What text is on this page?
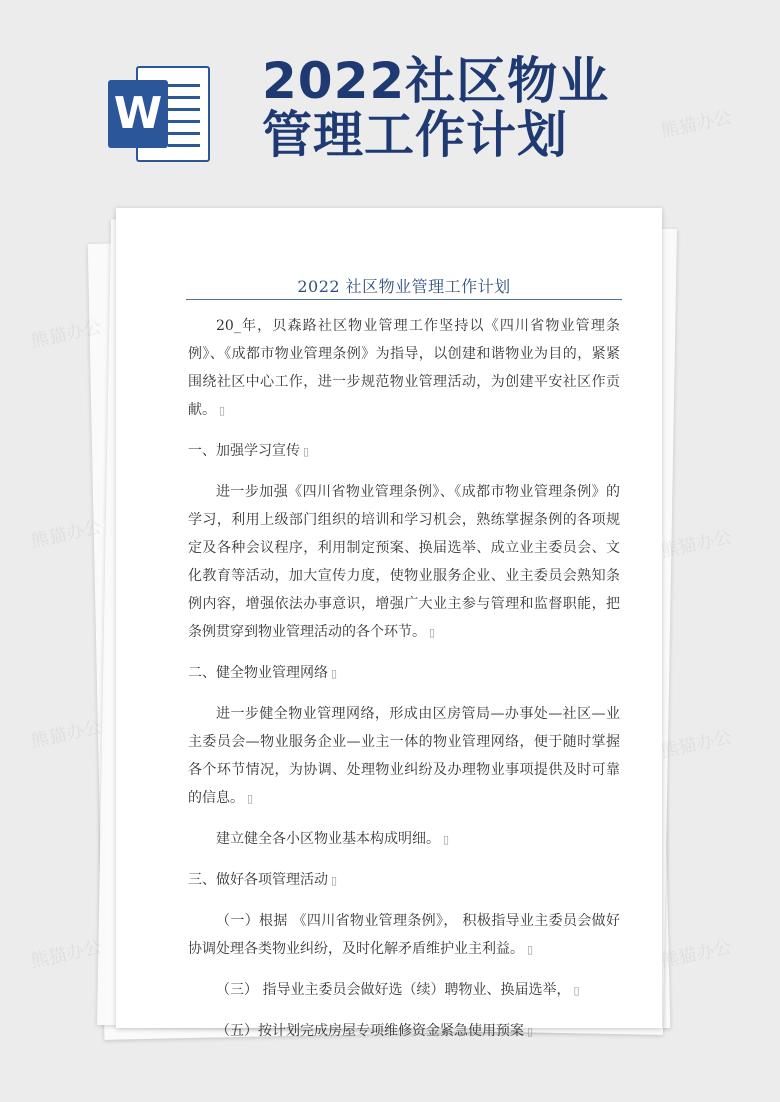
W
2022社区物业
管理工作计划
2022 社区物业管理工作计划

20_年，贝森路社区物业管理工作坚持以《四川省物业管理条例》、《成都市物业管理条例》为指导，以创建和谐物业为目的，紧紧围绕社区中心工作，进一步规范物业管理活动，为创建平安社区作贡献。 ▯

一、加强学习宣传 ▯

进一步加强《四川省物业管理条例》、《成都市物业管理条例》的学习，利用上级部门组织的培训和学习机会，熟练掌握条例的各项规定及各种会议程序，利用制定预案、换届选举、成立业主委员会、文化教育等活动，加大宣传力度，使物业服务企业、业主委员会熟知条例内容，增强依法办事意识，增强广大业主参与管理和监督职能，把条例贯穿到物业管理活动的各个环节。 ▯

二、健全物业管理网络 ▯

进一步健全物业管理网络，形成由区房管局—办事处—社区—业主委员会—物业服务企业—业主一体的物业管理网络，便于随时掌握各个环节情况，为协调、处理物业纠纷及办理物业事项提供及时可靠的信息。 ▯

建立健全各小区物业基本构成明细。 ▯

三、做好各项管理活动 ▯

（一）根据 《四川省物业管理条例》， 积极指导业主委员会做好协调处理各类物业纠纷，及时化解矛盾维护业主利益。 ▯

（三） 指导业主委员会做好选（续）聘物业、换届选举， ▯

（五）按计划完成房屋专项维修资金紧急使用预案 ▯

熊猫办公
熊猫办公
熊猫办公	熊猫办公
熊猫办公	熊猫办公
熊猫办公	熊猫办公
